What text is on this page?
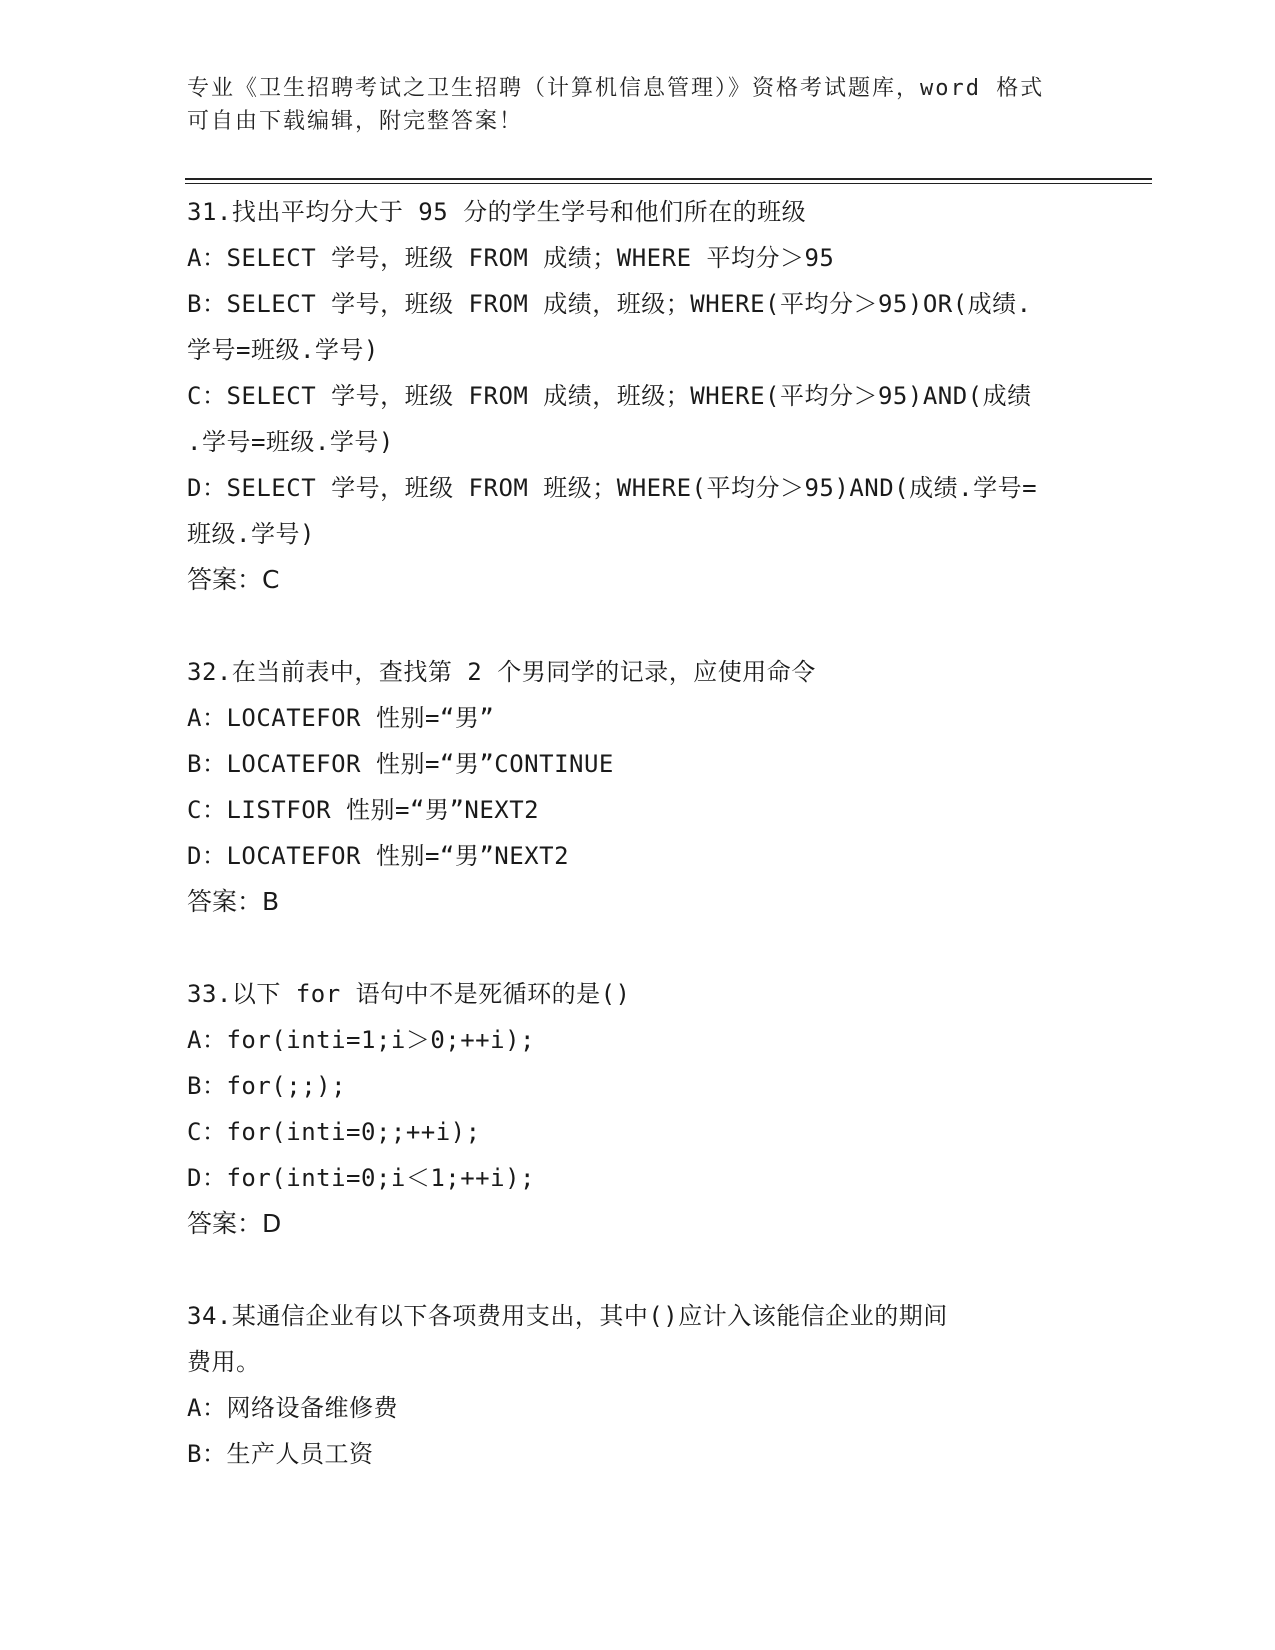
专业《卫生招聘考试之卫生招聘（计算机信息管理）》资格考试题库，word 格式
可自由下载编辑，附完整答案！
31.找出平均分大于 95 分的学生学号和他们所在的班级
A：SELECT 学号，班级 FROM 成绩；WHERE 平均分＞95
B：SELECT 学号，班级 FROM 成绩，班级；WHERE(平均分＞95)OR(成绩.
学号=班级.学号)
C：SELECT 学号，班级 FROM 成绩，班级；WHERE(平均分＞95)AND(成绩
.学号=班级.学号)
D：SELECT 学号，班级 FROM 班级；WHERE(平均分＞95)AND(成绩.学号=
班级.学号)
答案：C
32.在当前表中，查找第 2 个男同学的记录，应使用命令
A：LOCATEFOR 性别=“男”
B：LOCATEFOR 性别=“男”CONTINUE
C：LISTFOR 性别=“男”NEXT2
D：LOCATEFOR 性别=“男”NEXT2
答案：B
33.以下 for 语句中不是死循环的是()
A：for(inti=1;i＞0;++i);
B：for(;;);
C：for(inti=0;;++i);
D：for(inti=0;i＜1;++i);
答案：D
34.某通信企业有以下各项费用支出，其中()应计入该能信企业的期间
费用。
A：网络设备维修费
B：生产人员工资
